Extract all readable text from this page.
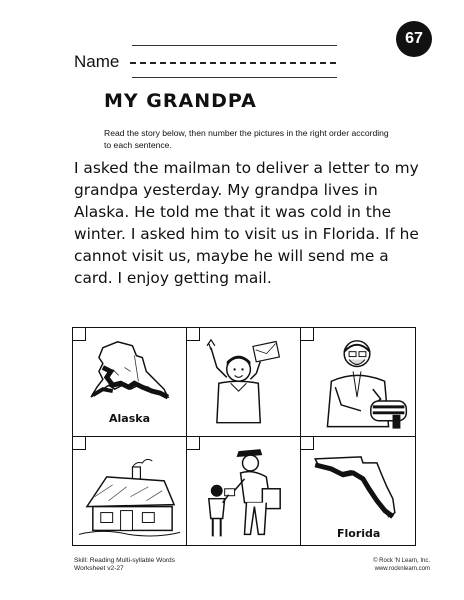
67
Name
MY GRANDPA
Read the story below, then number the pictures in the right order according to each sentence.

I asked the mailman to deliver a letter to my grandpa yesterday. My grandpa lives in Alaska. He told me that it was cold in the winter. I asked him to visit us in Florida. If he cannot visit us, maybe he will send me a card. I enjoy getting mail.

Alaska
Florida
Skill: Reading Multi-syllable Words
Worksheet v2-27
© Rock 'N Learn, Inc.
www.rocknlearn.com
